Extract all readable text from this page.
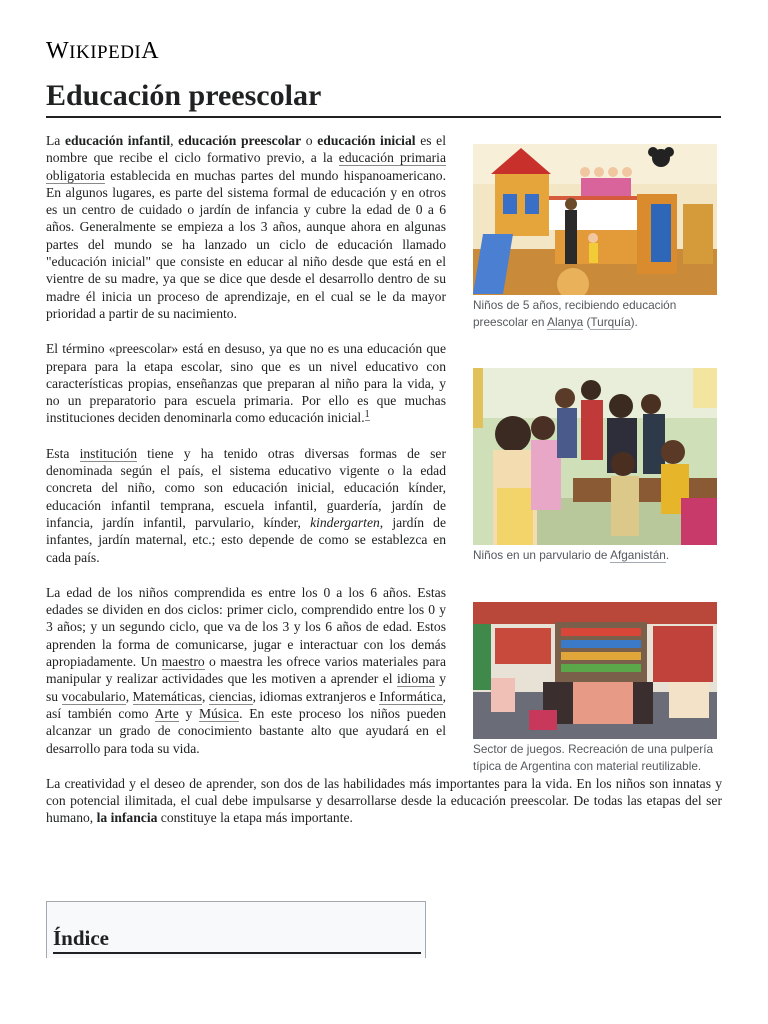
WIKIPEDIA
Educación preescolar

La educación infantil, educación preescolar o educación inicial es el nombre que recibe el ciclo formativo previo, a la educación primaria obligatoria establecida en muchas partes del mundo hispanoamericano. En algunos lugares, es parte del sistema formal de educación y en otros es un centro de cuidado o jardín de infancia y cubre la edad de 0 a 6 años. Generalmente se empieza a los 3 años, aunque ahora en algunas partes del mundo se ha lanzado un ciclo de educación llamado "educación inicial" que consiste en educar al niño desde que está en el vientre de su madre, ya que se dice que desde el desarrollo dentro de su madre él inicia un proceso de aprendizaje, en el cual se le da mayor prioridad a partir de su nacimiento.

El término «preescolar» está en desuso, ya que no es una educación que prepara para la etapa escolar, sino que es un nivel educativo con características propias, enseñanzas que preparan al niño para la vida, y no un preparatorio para escuela primaria. Por ello es que muchas instituciones deciden denominarla como educación inicial.$^1$

Esta institución tiene y ha tenido otras diversas formas de ser denominada según el país, el sistema educativo vigente o la edad concreta del niño, como son educación inicial, educación kínder, educación infantil temprana, escuela infantil, guardería, jardín de infancia, jardín infantil, parvulario, kínder, kindergarten, jardín de infantes, jardín maternal, etc.; esto depende de como se establezca en cada país.

La edad de los niños comprendida es entre los 0 a los 6 años. Estas edades se dividen en dos ciclos: primer ciclo, comprendido entre los 0 y 3 años; y un segundo ciclo, que va de los 3 y los 6 años de edad. Estos aprenden la forma de comunicarse, jugar e interactuar con los demás apropiadamente. Un maestro o maestra les ofrece varios materiales para manipular y realizar actividades que les motiven a aprender el idioma y su vocabulario, Matemáticas, ciencias, idiomas extranjeros e Informática, así también como Arte y Música. En este proceso los niños pueden alcanzar un grado de conocimiento bastante alto que ayudará en el desarrollo para toda su vida.

La creatividad y el deseo de aprender, son dos de las habilidades más importantes para la vida. En los niños son innatas y con potencial ilimitada, el cual debe impulsarse y desarrollarse desde la educación preescolar. De todas las etapas del ser humano, la infancia constituye la etapa más importante.

Niños de 5 años, recibiendo educación preescolar en Alanya (Turquía).
Niños en un parvulario de Afganistán.
Sector de juegos. Recreación de una pulpería típica de Argentina con material reutilizable.
Índice
